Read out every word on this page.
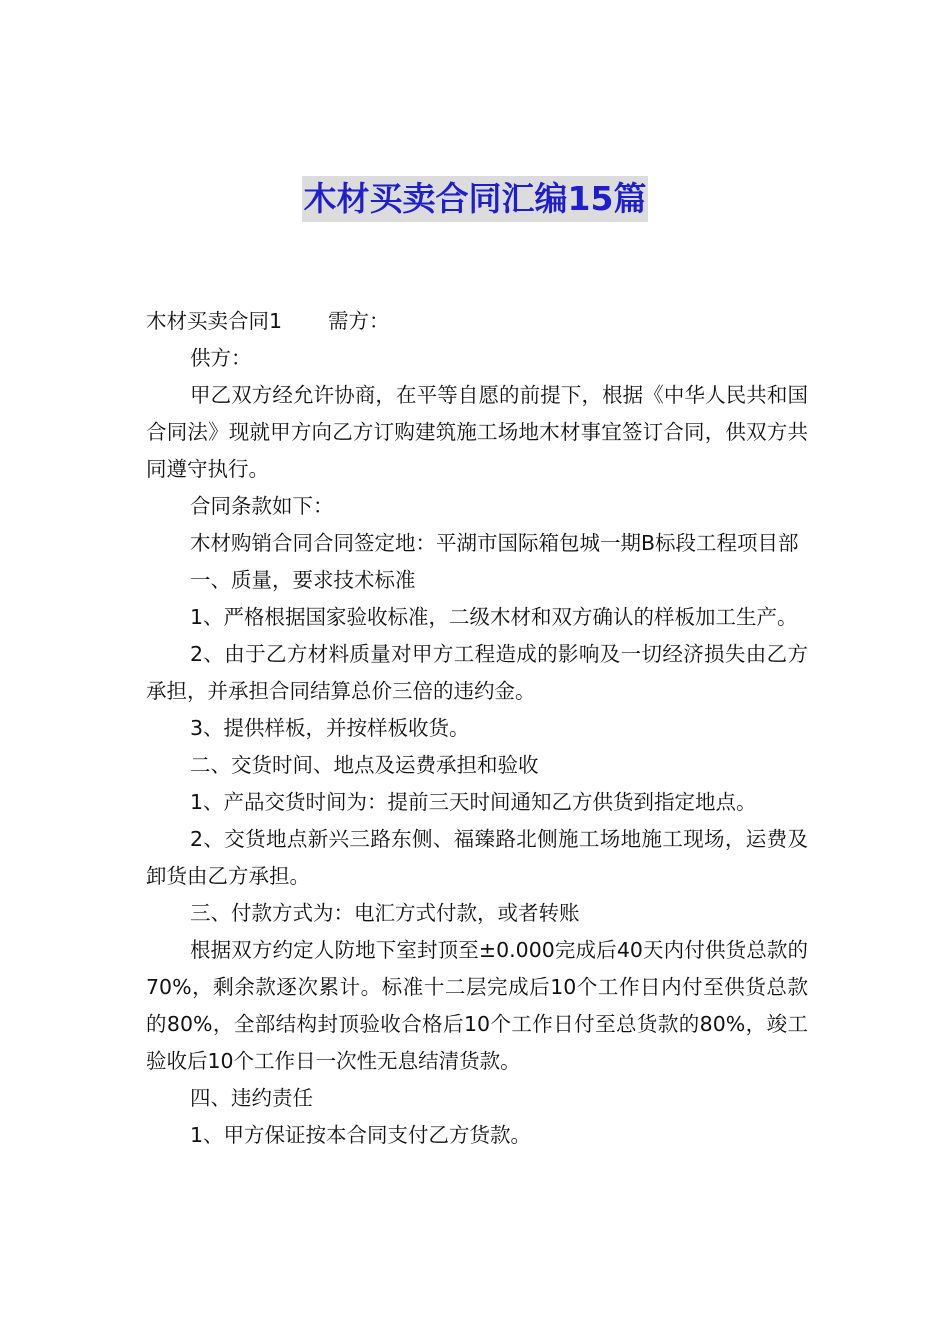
木材买卖合同汇编15篇

木材买卖合同1 需方：

供方：

甲乙双方经允许协商，在平等自愿的前提下，根据《中华人民共和国合同法》现就甲方向乙方订购建筑施工场地木材事宜签订合同，供双方共同遵守执行。

合同条款如下：

木材购销合同合同签定地：平湖市国际箱包城一期B标段工程项目部

一、质量，要求技术标准

1、严格根据国家验收标准，二级木材和双方确认的样板加工生产。

2、由于乙方材料质量对甲方工程造成的影响及一切经济损失由乙方承担，并承担合同结算总价三倍的违约金。

3、提供样板，并按样板收货。

二、交货时间、地点及运费承担和验收

1、产品交货时间为：提前三天时间通知乙方供货到指定地点。

2、交货地点新兴三路东侧、福臻路北侧施工场地施工现场，运费及卸货由乙方承担。

三、付款方式为：电汇方式付款，或者转账

根据双方约定人防地下室封顶至±0.000完成后40天内付供货总款的70%，剩余款逐次累计。标准十二层完成后10个工作日内付至供货总款的80%，全部结构封顶验收合格后10个工作日付至总货款的80%，竣工验收后10个工作日一次性无息结清货款。

四、违约责任

1、甲方保证按本合同支付乙方货款。
